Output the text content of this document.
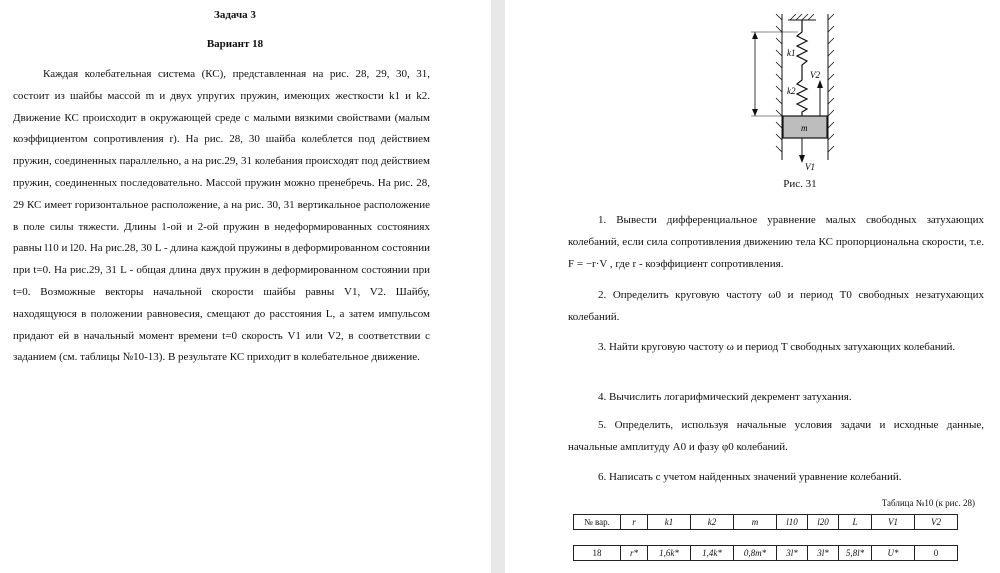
Задача 3
Вариант 18

Каждая колебательная система (КС), представленная на рис. 28, 29, 30, 31, состоит из шайбы массой m и двух упругих пружин, имеющих жесткости k1 и k2. Движение КС происходит в окружающей среде с малыми вязкими свойствами (малым коэффициентом сопротивления r). На рис. 28, 30 шайба колеблется под действием пружин, соединенных параллельно, а на рис.29, 31 колебания происходят под действием пружин, соединенных последовательно. Массой пружин можно пренебречь. На рис. 28, 29 КС имеет горизонтальное расположение, а на рис. 30, 31 вертикальное расположение в поле силы тяжести. Длины 1-ой и 2-ой пружин в недеформированных состояниях равны l10 и l20. На рис.28, 30 L - длина каждой пружины в деформированном состоянии при t=0. На рис.29, 31 L - общая длина двух пружин в деформированном состоянии при t=0. Возможные векторы начальной скорости шайбы равны V1, V2. Шайбу, находящуюся в положении равновесия, смещают до расстояния L, а затем импульсом придают ей в начальный момент времени t=0 скорость V1 или V2, в соответствии с заданием (см. таблицы №10-13). В результате КС приходит в колебательное движение.

k1
k2
m
V2
V1
Рис. 31

1. Вывести дифференциальное уравнение малых свободных затухающих колебаний, если сила сопротивления движению тела КС пропорциональна скорости, т.е. F = −r·V , где r - коэффициент сопротивления.

2. Определить круговую частоту ω0 и период T0 свободных незатухающих колебаний.

3. Найти круговую частоту ω и период T свободных затухающих колебаний.

4. Вычислить логарифмический декремент затухания.

5. Определить, используя начальные условия задачи и исходные данные, начальные амплитуду A0 и фазу φ0 колебаний.

6. Написать с учетом найденных значений уравнение колебаний.

Таблица №10 (к рис. 28)
№ вар.	r	k1	k2	m	l10	l20	L	V1	V2
18	r*	1,6k*	1,4k*	0,8m*	3l*	3l*	5,8l*	U*	0
